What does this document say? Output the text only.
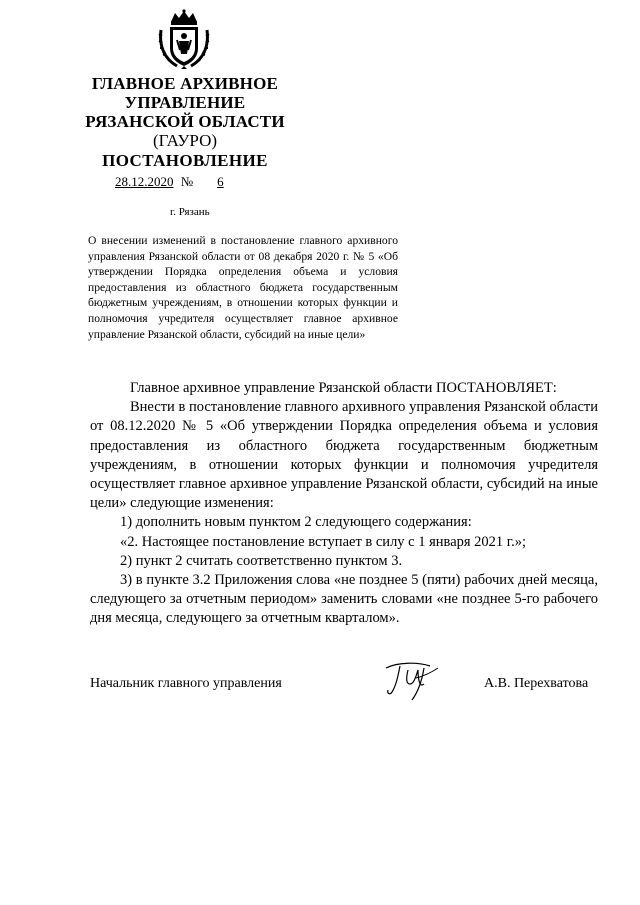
ГЛАВНОЕ АРХИВНОЕ
УПРАВЛЕНИЕ
РЯЗАНСКОЙ ОБЛАСТИ
(ГАУРО)
ПОСТАНОВЛЕНИЕ
28.12.2020 № 6
г. Рязань
О внесении изменений в постановление главного архивного управления Рязанской области от 08 декабря 2020 г. № 5 «Об утверждении Порядка определения объема и условия предоставления из областного бюджета государственным бюджетным учреждениям, в отношении которых функции и полномочия учредителя осуществляет главное архивное управление Рязанской области, субсидий на иные цели»

Главное архивное управление Рязанской области ПОСТАНОВЛЯЕТ:

Внести в постановление главного архивного управления Рязанской области от 08.12.2020 № 5 «Об утверждении Порядка определения объема и условия предоставления из областного бюджета государственным бюджетным учреждениям, в отношении которых функции и полномочия учредителя осуществляет главное архивное управление Рязанской области, субсидий на иные цели» следующие изменения:

1) дополнить новым пунктом 2 следующего содержания:

«2. Настоящее постановление вступает в силу с 1 января 2021 г.»;

2) пункт 2 считать соответственно пунктом 3.

3) в пункте 3.2 Приложения слова «не позднее 5 (пяти) рабочих дней месяца, следующего за отчетным периодом» заменить словами «не позднее 5-го рабочего дня месяца, следующего за отчетным кварталом».

Начальник главного управления	А.В. Перехватова
